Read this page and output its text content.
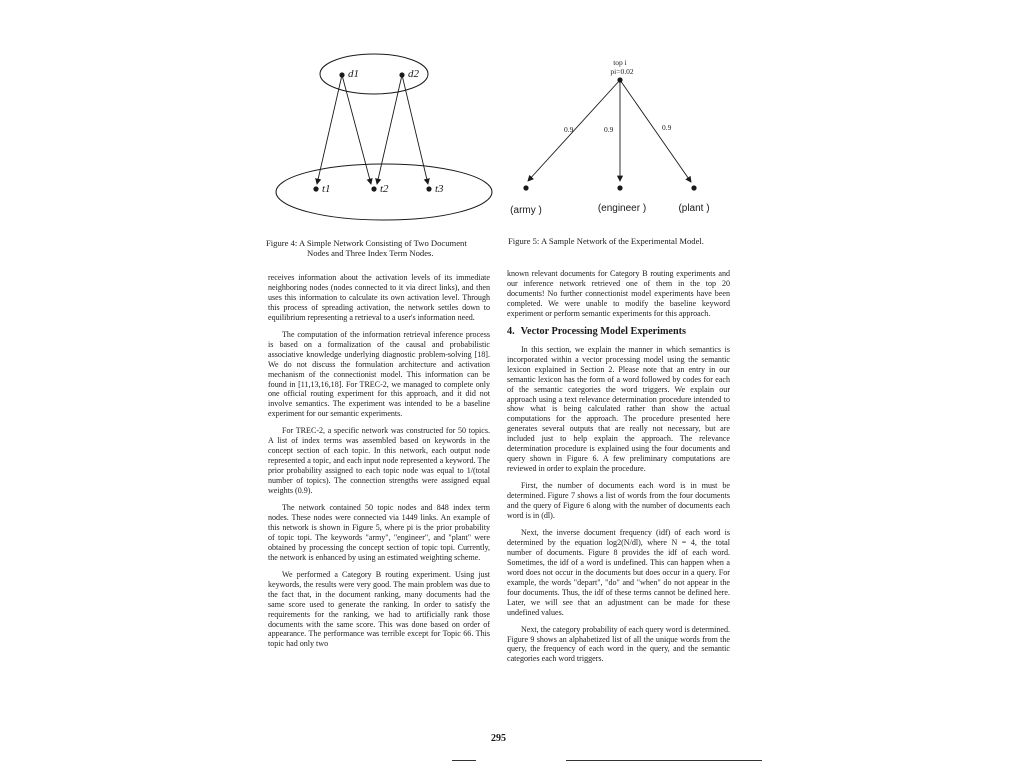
d1	d2
t1	t2	t3
Figure 4: A Simple Network Consisting of Two Document
Nodes and Three Index Term Nodes.
top i
pi=0.02
0.9	0.9	0.9
(army )	(engineer )	(plant )
Figure 5: A Sample Network of the Experimental Model.

receives information about the activation levels of its immediate neighboring nodes (nodes connected to it via direct links), and then uses this information to calculate its own activation level. Through this process of spreading activation, the network settles down to equilibrium representing a retrieval to a user's information need.

The computation of the information retrieval inference process is based on a formalization of the causal and probabilistic associative knowledge underlying diagnostic problem-solving [18]. We do not discuss the formulation architecture and activation mechanism of the connectionist model. This information can be found in [11,13,16,18]. For TREC-2, we managed to complete only one official routing experiment for this approach, and it did not involve semantics. The experiment was intended to be a baseline experiment for our semantic experiments.

For TREC-2, a specific network was constructed for 50 topics. A list of index terms was assembled based on keywords in the concept section of each topic. In this network, each output node represented a topic, and each input node represented a keyword. The prior probability assigned to each topic node was equal to 1/(total number of topics). The connection strengths were assigned equal weights (0.9).

The network contained 50 topic nodes and 848 index term nodes. These nodes were connected via 1449 links. An example of this network is shown in Figure 5, where pi is the prior probability of topic topi. The keywords "army", "engineer", and "plant" were obtained by processing the concept section of topic topi. Currently, the network is enhanced by using an estimated weighting scheme.

We performed a Category B routing experiment. Using just keywords, the results were very good. The main problem was due to the fact that, in the document ranking, many documents had the same score used to generate the ranking. In order to satisfy the requirements for the ranking, we had to artificially rank those documents with the same score. This was done based on order of appearance. The performance was terrible except for Topic 66. This topic had only two

known relevant documents for Category B routing experiments and our inference network retrieved one of them in the top 20 documents! No further connectionist model experiments have been completed. We were unable to modify the baseline keyword experiment or perform semantic experiments for this approach.

4. Vector Processing Model Experiments

In this section, we explain the manner in which semantics is incorporated within a vector processing model using the semantic lexicon explained in Section 2. Please note that an entry in our semantic lexicon has the form of a word followed by codes for each of the semantic categories the word triggers. We explain our approach using a text relevance determination procedure intended to show what is being calculated rather than show the actual computations for the approach. The procedure presented here generates several outputs that are really not necessary, but are included just to help explain the approach. The relevance determination procedure is explained using the four documents and query shown in Figure 6. A few preliminary computations are reviewed in order to explain the procedure.

First, the number of documents each word is in must be determined. Figure 7 shows a list of words from the four documents and the query of Figure 6 along with the number of documents each word is in (dl).

Next, the inverse document frequency (idf) of each word is determined by the equation log2(N/dl), where N = 4, the total number of documents. Figure 8 provides the idf of each word. Sometimes, the idf of a word is undefined. This can happen when a word does not occur in the documents but does occur in a query. For example, the words "depart", "do" and "when" do not appear in the four documents. Thus, the idf of these terms cannot be defined here. Later, we will see that an adjustment can be made for these undefined values.

Next, the category probability of each query word is determined. Figure 9 shows an alphabetized list of all the unique words from the query, the frequency of each word in the query, and the semantic categories each word triggers.

295
